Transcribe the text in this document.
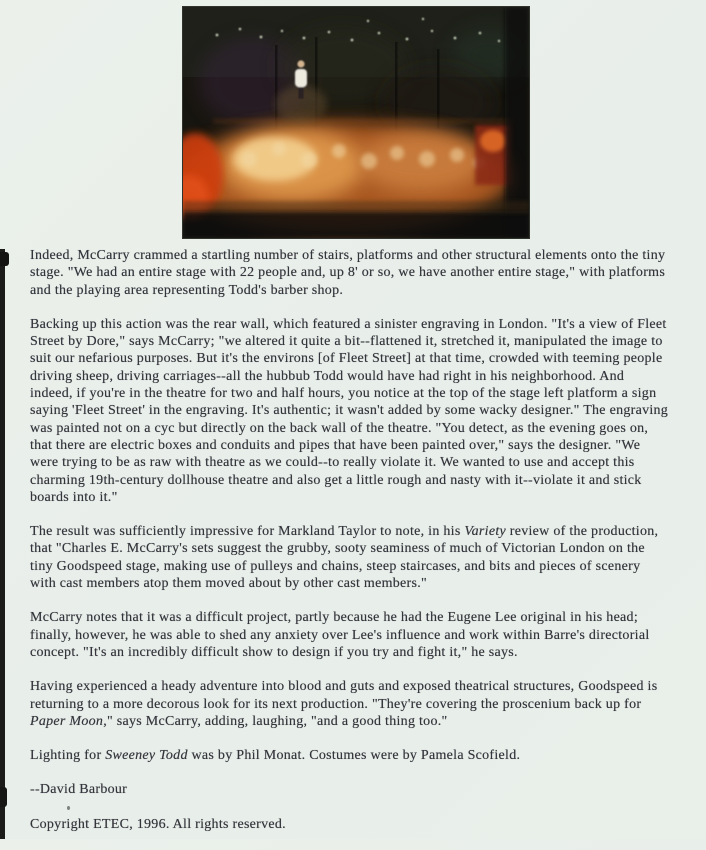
Indeed, McCarry crammed a startling number of stairs, platforms and other structural elements onto the tiny
stage. "We had an entire stage with 22 people and, up 8' or so, we have another entire stage," with platforms
and the playing area representing Todd's barber shop.

Backing up this action was the rear wall, which featured a sinister engraving in London. "It's a view of Fleet
Street by Dore," says McCarry; "we altered it quite a bit--flattened it, stretched it, manipulated the image to
suit our nefarious purposes. But it's the environs [of Fleet Street] at that time, crowded with teeming people
driving sheep, driving carriages--all the hubbub Todd would have had right in his neighborhood. And
indeed, if you're in the theatre for two and half hours, you notice at the top of the stage left platform a sign
saying 'Fleet Street' in the engraving. It's authentic; it wasn't added by some wacky designer." The engraving
was painted not on a cyc but directly on the back wall of the theatre. "You detect, as the evening goes on,
that there are electric boxes and conduits and pipes that have been painted over," says the designer. "We
were trying to be as raw with theatre as we could--to really violate it. We wanted to use and accept this
charming 19th-century dollhouse theatre and also get a little rough and nasty with it--violate it and stick
boards into it."

The result was sufficiently impressive for Markland Taylor to note, in his Variety review of the production,
that "Charles E. McCarry's sets suggest the grubby, sooty seaminess of much of Victorian London on the
tiny Goodspeed stage, making use of pulleys and chains, steep staircases, and bits and pieces of scenery
with cast members atop them moved about by other cast members."

McCarry notes that it was a difficult project, partly because he had the Eugene Lee original in his head;
finally, however, he was able to shed any anxiety over Lee's influence and work within Barre's directorial
concept. "It's an incredibly difficult show to design if you try and fight it," he says.

Having experienced a heady adventure into blood and guts and exposed theatrical structures, Goodspeed is
returning to a more decorous look for its next production. "They're covering the proscenium back up for
Paper Moon," says McCarry, adding, laughing, "and a good thing too."

Lighting for Sweeney Todd was by Phil Monat. Costumes were by Pamela Scofield.

--David Barbour

Copyright ETEC, 1996. All rights reserved.
